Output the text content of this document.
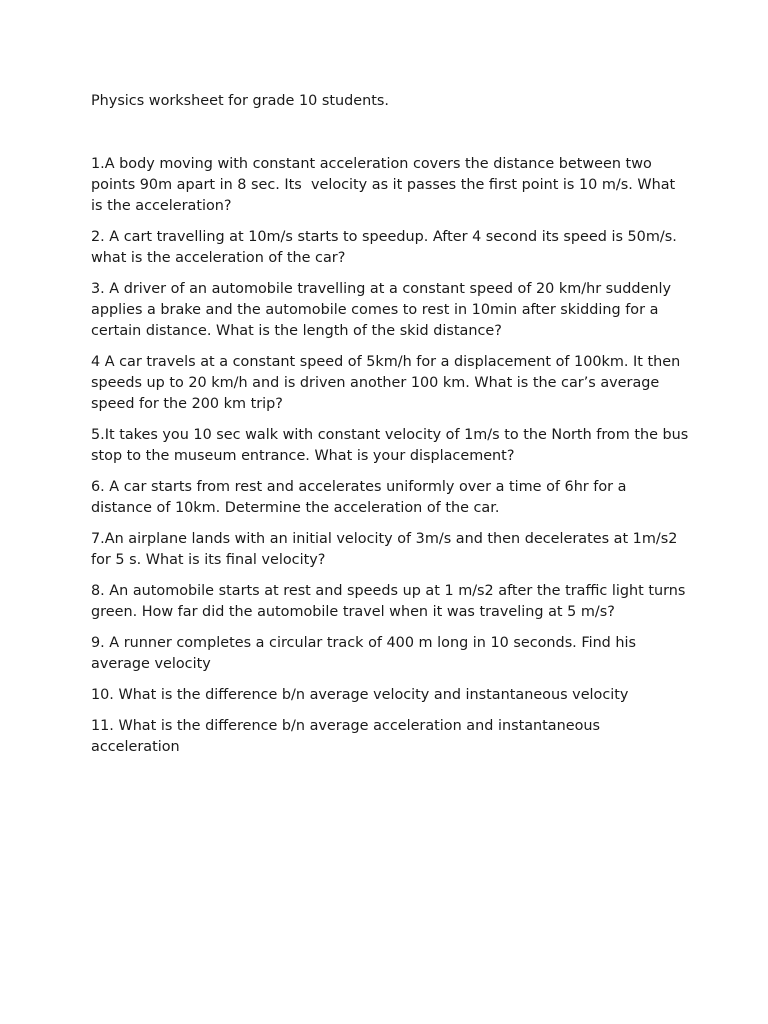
Physics worksheet for grade 10 students.

1.A body moving with constant acceleration covers the distance between two points 90m apart in 8 sec. Its  velocity as it passes the first point is 10 m/s. What is the acceleration?

2. A cart travelling at 10m/s starts to speedup. After 4 second its speed is 50m/s. what is the acceleration of the car?

3. A driver of an automobile travelling at a constant speed of 20 km/hr suddenly applies a brake and the automobile comes to rest in 10min after skidding for a certain distance. What is the length of the skid distance?

4 A car travels at a constant speed of 5km/h for a displacement of 100km. It then speeds up to 20 km/h and is driven another 100 km. What is the car’s average speed for the 200 km trip?

5.It takes you 10 sec walk with constant velocity of 1m/s to the North from the bus stop to the museum entrance. What is your displacement?

6. A car starts from rest and accelerates uniformly over a time of 6hr for a distance of 10km. Determine the acceleration of the car.

7.An airplane lands with an initial velocity of 3m/s and then decelerates at 1m/s2 for 5 s. What is its final velocity?

8. An automobile starts at rest and speeds up at 1 m/s2 after the traffic light turns green. How far did the automobile travel when it was traveling at 5 m/s?

9. A runner completes a circular track of 400 m long in 10 seconds. Find his average velocity

10. What is the difference b/n average velocity and instantaneous velocity

11. What is the difference b/n average acceleration and instantaneous acceleration
